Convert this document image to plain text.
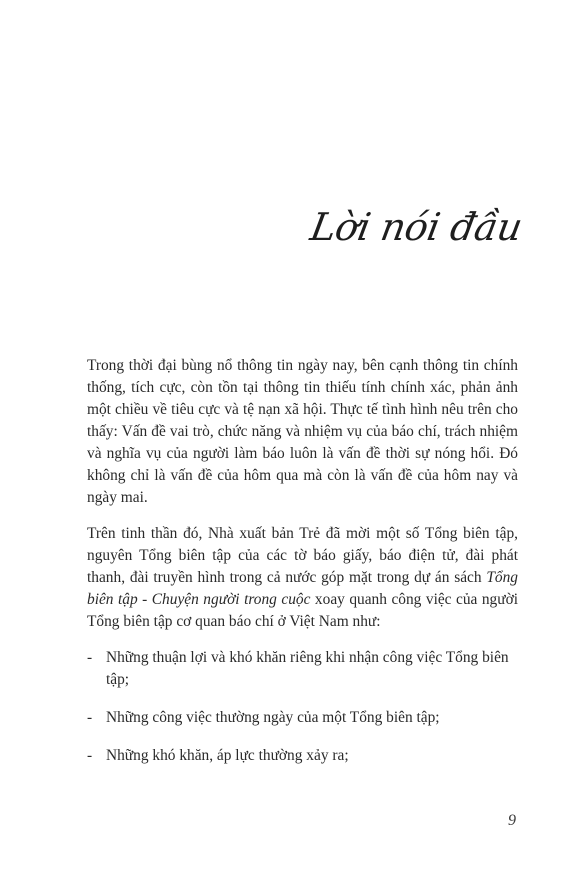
Lời nói đầu

Trong thời đại bùng nổ thông tin ngày nay, bên cạnh thông tin chính thống, tích cực, còn tồn tại thông tin thiếu tính chính xác, phản ảnh một chiều về tiêu cực và tệ nạn xã hội. Thực tế tình hình nêu trên cho thấy: Vấn đề vai trò, chức năng và nhiệm vụ của báo chí, trách nhiệm và nghĩa vụ của người làm báo luôn là vấn đề thời sự nóng hổi. Đó không chỉ là vấn đề của hôm qua mà còn là vấn đề của hôm nay và ngày mai.

Trên tinh thần đó, Nhà xuất bản Trẻ đã mời một số Tổng biên tập, nguyên Tổng biên tập của các tờ báo giấy, báo điện tử, đài phát thanh, đài truyền hình trong cả nước góp mặt trong dự án sách Tổng biên tập - Chuyện người trong cuộc xoay quanh công việc của người Tổng biên tập cơ quan báo chí ở Việt Nam như:

- Những thuận lợi và khó khăn riêng khi nhận công việc Tổng biên tập;
- Những công việc thường ngày của một Tổng biên tập;
- Những khó khăn, áp lực thường xảy ra;
9
